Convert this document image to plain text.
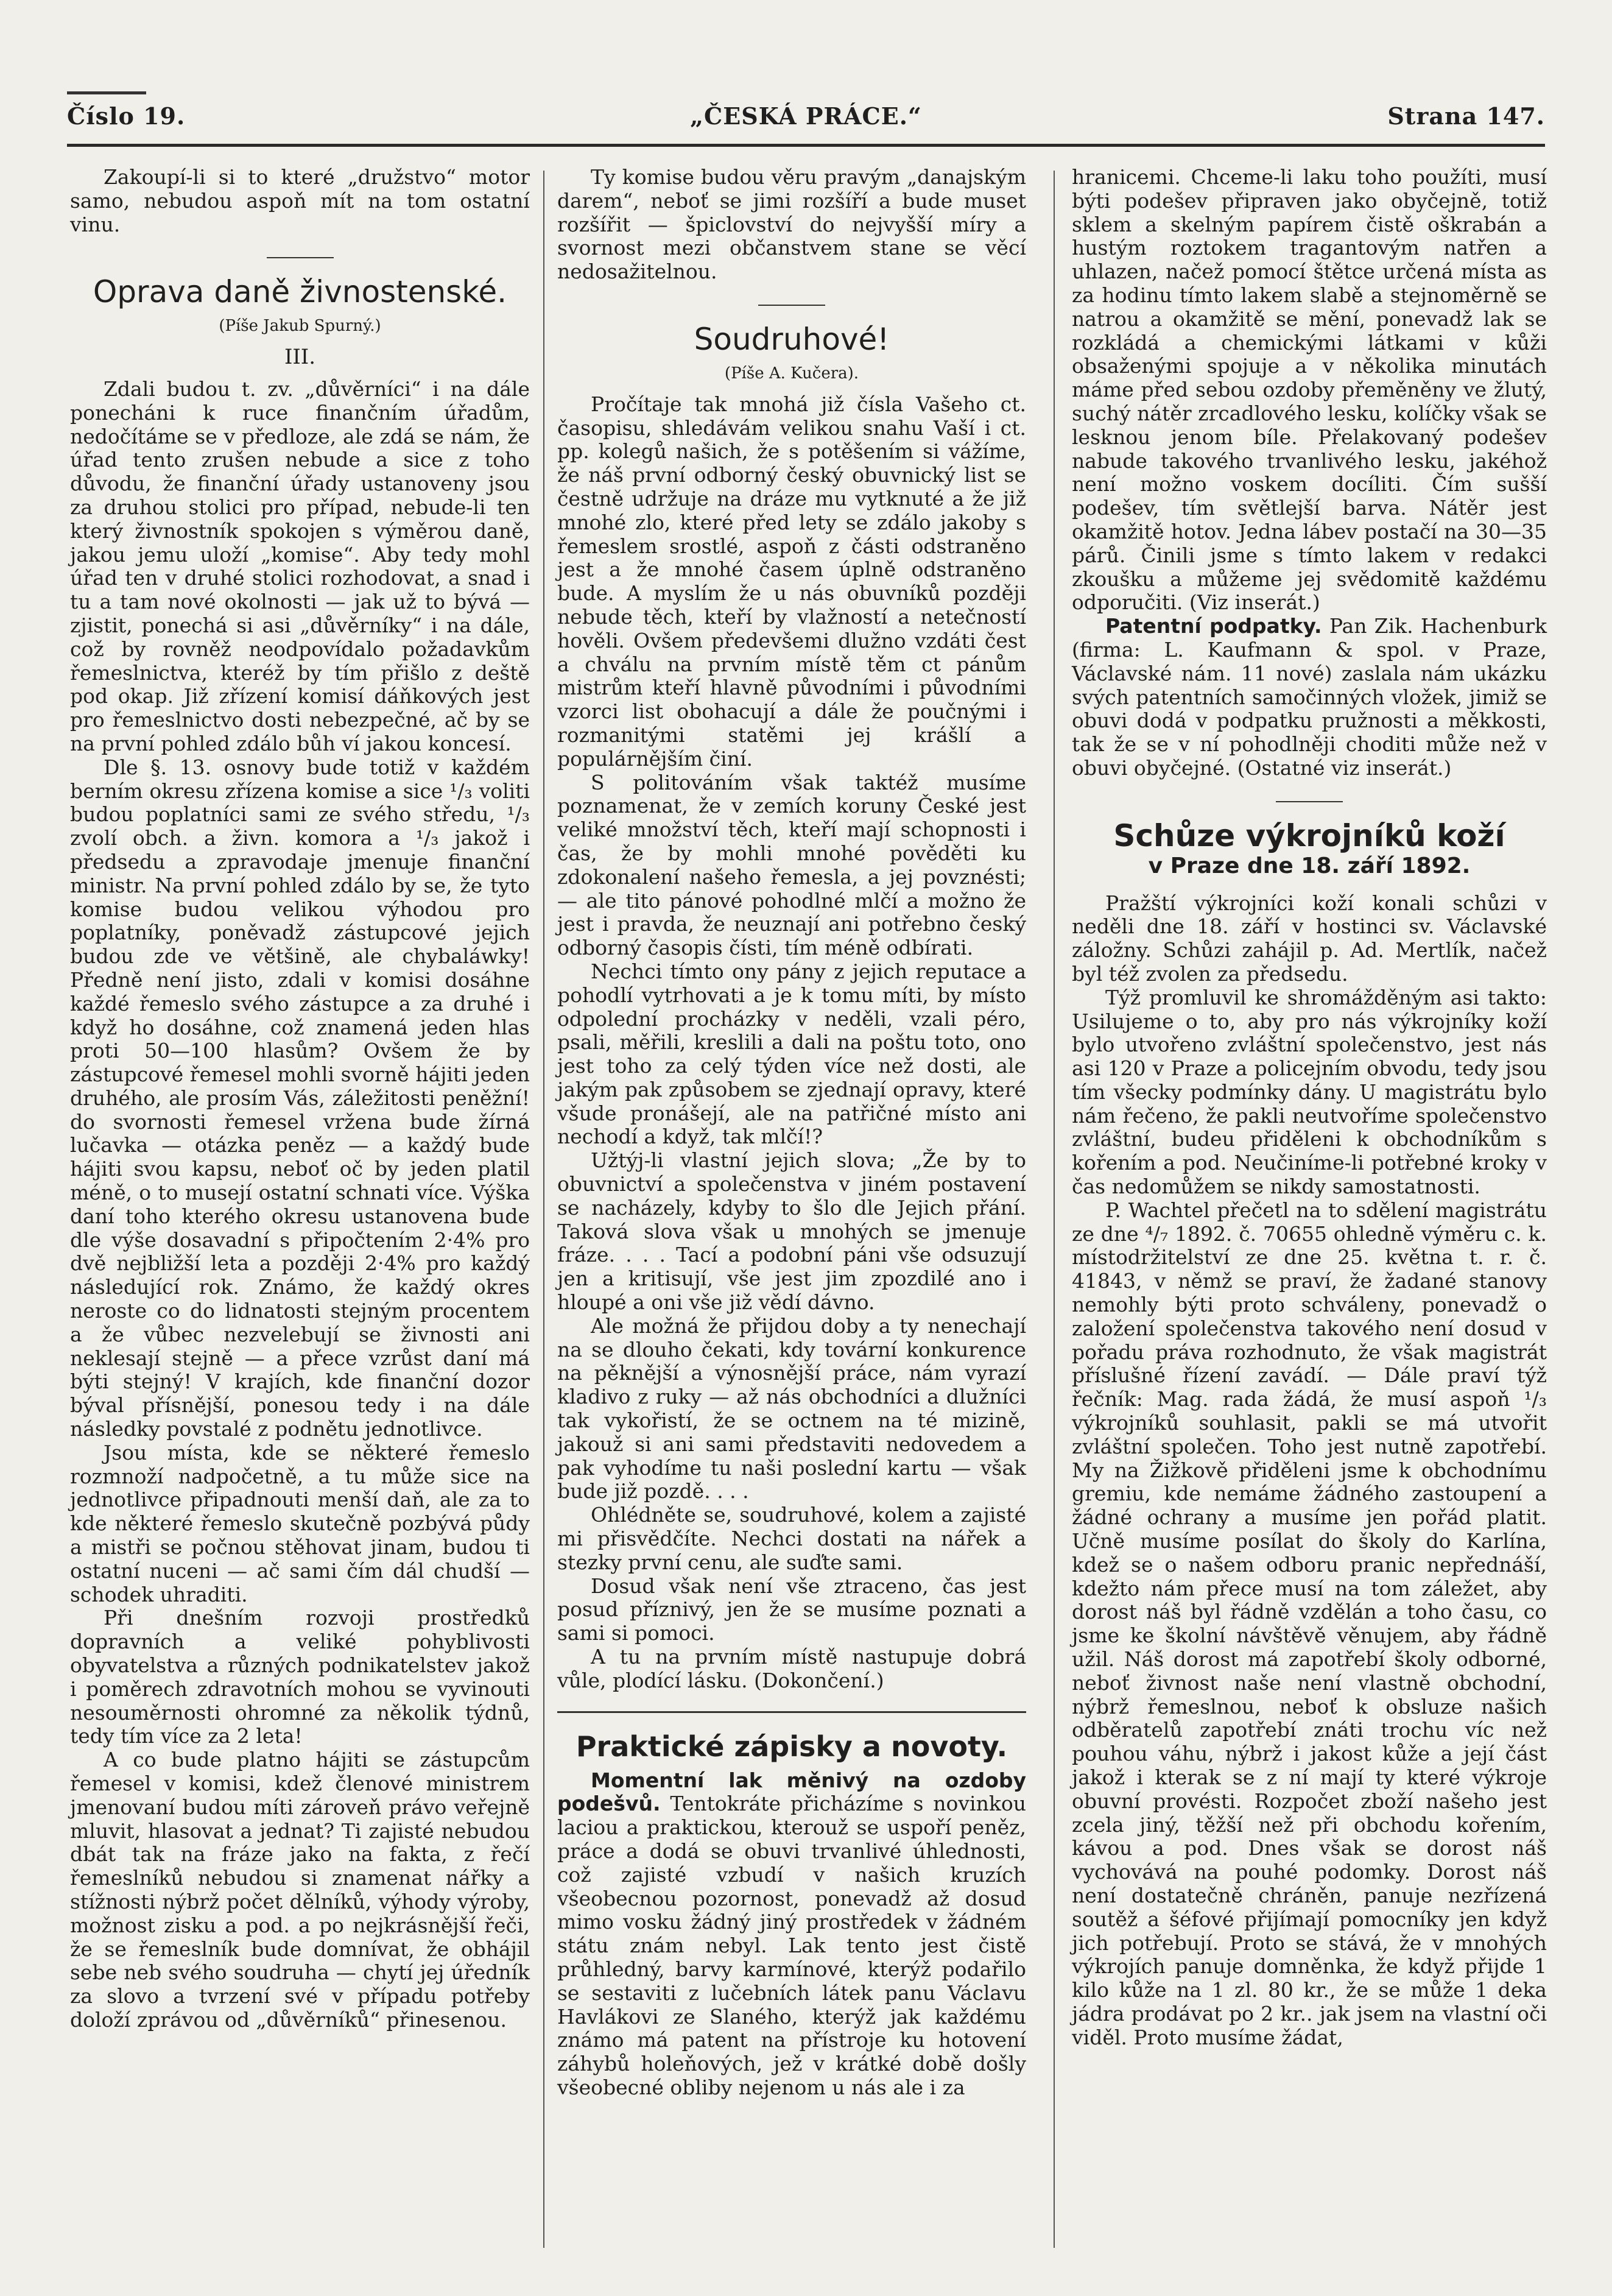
Číslo 19.	„ČESKÁ PRÁCE.“	Strana 147.

Zakoupí-li si to které „družstvo“ motor samo, nebudou aspoň mít na tom ostatní vinu.

Oprava daně živnostenské.
(Píše Jakub Spurný.)
III.

Zdali budou t. zv. „důvěrníci“ i na dále ponecháni k ruce finančním úřadům, nedočítáme se v předloze, ale zdá se nám, že úřad tento zrušen nebude a sice z toho důvodu, že finanční úřady ustanoveny jsou za druhou stolici pro případ, nebude-li ten který živnostník spokojen s výměrou daně, jakou jemu uloží „komise“. Aby tedy mohl úřad ten v druhé stolici rozhodovat, a snad i tu a tam nové okolnosti — jak už to bývá — zjistit, ponechá si asi „důvěrníky“ i na dále, což by rovněž neodpovídalo požadavkům řemeslnictva, kteréž by tím přišlo z deště pod okap. Již zřízení komisí dáňkových jest pro řemeslnictvo dosti nebezpečné, ač by se na první pohled zdálo bůh ví jakou koncesí.

Dle §. 13. osnovy bude totiž v každém berním okresu zřízena komise a sice ¹/₃ voliti budou poplatníci sami ze svého středu, ¹/₃ zvolí obch. a živn. komora a ¹/₃ jakož i předsedu a zpravodaje jmenuje finanční ministr. Na první pohled zdálo by se, že tyto komise budou velikou výhodou pro poplatníky, poněvadž zástupcové jejich budou zde ve většině, ale chybaláwky! Předně není jisto, zdali v komisi dosáhne každé řemeslo svého zástupce a za druhé i když ho dosáhne, což znamená jeden hlas proti 50—100 hlasům? Ovšem že by zástupcové řemesel mohli svorně hájiti jeden druhého, ale prosím Vás, záležitosti peněžní! do svornosti řemesel vržena bude žírná lučavka — otázka peněz — a každý bude hájiti svou kapsu, neboť oč by jeden platil méně, o to musejí ostatní schnati více. Výška daní toho kterého okresu ustanovena bude dle výše dosavadní s připočtením 2·4% pro dvě nejbližší leta a později 2·4% pro každý následující rok. Známo, že každý okres neroste co do lidnatosti stejným procentem a že vůbec nezvelebují se živnosti ani neklesají stejně — a přece vzrůst daní má býti stejný! V krajích, kde finanční dozor býval přísnější, ponesou tedy i na dále následky povstalé z podnětu jednotlivce.

Jsou místa, kde se některé řemeslo rozmnoží nadpočetně, a tu může sice na jednotlivce připadnouti menší daň, ale za to kde některé řemeslo skutečně pozbývá půdy a mistři se počnou stěhovat jinam, budou ti ostatní nuceni — ač sami čím dál chudší — schodek uhraditi.

Při dnešním rozvoji prostředků dopravních a veliké pohyblivosti obyvatelstva a různých podnikatelstev jakož i poměrech zdravotních mohou se vyvinouti nesouměrnosti ohromné za několik týdnů, tedy tím více za 2 leta!

A co bude platno hájiti se zástupcům řemesel v komisi, kdež členové ministrem jmenovaní budou míti zároveň právo veřejně mluvit, hlasovat a jednat? Ti zajisté nebudou dbát tak na fráze jako na fakta, z řečí řemeslníků nebudou si znamenat nářky a stížnosti nýbrž počet dělníků, výhody výroby, možnost zisku a pod. a po nejkrásnější řeči, že se řemeslník bude domnívat, že obhájil sebe neb svého soudruha — chytí jej úředník za slovo a tvrzení své v případu potřeby doloží zprávou od „důvěrníků“ přinesenou.

Ty komise budou věru pravým „danajským darem“, neboť se jimi rozšíří a bude muset rozšířit — špiclovství do nejvyšší míry a svornost mezi občanstvem stane se věcí nedosažitelnou.

Soudruhové!
(Píše A. Kučera).

Pročítaje tak mnohá již čísla Vašeho ct. časopisu, shledávám velikou snahu Vaší i ct. pp. kolegů našich, že s potěšením si vážíme, že náš první odborný český obuvnický list se čestně udržuje na dráze mu vytknuté a že již mnohé zlo, které před lety se zdálo jakoby s řemeslem srostlé, aspoň z části odstraněno jest a že mnohé časem úplně odstraněno bude. A myslím že u nás obuvníků později nebude těch, kteří by vlažností a netečností hověli. Ovšem předevšemi dlužno vzdáti čest a chválu na prvním místě těm ct pánům mistrům kteří hlavně původními i původními vzorci list obohacují a dále že poučnými i rozmanitými statěmi jej krášlí a populárnějším činí.

S politováním však taktéž musíme poznamenat, že v zemích koruny České jest veliké množství těch, kteří mají schopnosti i čas, že by mohli mnohé pověděti ku zdokonalení našeho řemesla, a jej povznésti; — ale tito pánové pohodlné mlčí a možno že jest i pravda, že neuznají ani potřebno český odborný časopis čísti, tím méně odbírati.

Nechci tímto ony pány z jejich reputace a pohodlí vytrhovati a je k tomu míti, by místo odpolední procházky v neděli, vzali péro, psali, měřili, kreslili a dali na poštu toto, ono jest toho za celý týden více než dosti, ale jakým pak způsobem se zjednají opravy, které všude pronášejí, ale na patřičné místo ani nechodí a když, tak mlčí!?

Užtýj-li vlastní jejich slova; „Že by to obuvnictví a společenstva v jiném postavení se nacházely, kdyby to šlo dle Jejich přání. Taková slova však u mnohých se jmenuje fráze. . . . Tací a podobní páni vše odsuzují jen a kritisují, vše jest jim zpozdilé ano i hloupé a oni vše již vědí dávno.

Ale možná že přijdou doby a ty nenechají na se dlouho čekati, kdy tovární konkurence na pěknější a výnosnější práce, nám vyrazí kladivo z ruky — až nás obchodníci a dlužníci tak vykořistí, že se octnem na té mizině, jakouž si ani sami představiti nedovedem a pak vyhodíme tu naši poslední kartu — však bude již pozdě. . . .

Ohlédněte se, soudruhové, kolem a zajisté mi přisvědčíte. Nechci dostati na nářek a stezky první cenu, ale suďte sami.

Dosud však není vše ztraceno, čas jest posud příznivý, jen že se musíme poznati a sami si pomoci.

A tu na prvním místě nastupuje dobrá vůle, plodící lásku. (Dokončení.)

Praktické zápisky a novoty.

Momentní lak měnivý na ozdoby podešvů. Tentokráte přicházíme s novinkou laciou a praktickou, kterouž se uspoří peněz, práce a dodá se obuvi trvanlivé úhlednosti, což zajisté vzbudí v našich kruzích všeobecnou pozornost, ponevadž až dosud mimo vosku žádný jiný prostředek v žádném státu znám nebyl. Lak tento jest čistě průhledný, barvy karmínové, kterýž podařilo se sestaviti z lučebních látek panu Václavu Havlákovi ze Slaného, kterýž jak každému známo má patent na přístroje ku hotovení záhybů holeňových, jež v krátké době došly všeobecné obliby nejenom u nás ale i za

hranicemi. Chceme-li laku toho použíti, musí býti podešev připraven jako obyčejně, totiž sklem a skelným papírem čistě oškrabán a hustým roztokem tragantovým natřen a uhlazen, načež pomocí štětce určená místa as za hodinu tímto lakem slabě a stejnoměrně se natrou a okamžitě se mění, ponevadž lak se rozkládá a chemickými látkami v kůži obsaženými spojuje a v několika minutách máme před sebou ozdoby přeměněny ve žlutý, suchý nátěr zrcadlového lesku, kolíčky však se lesknou jenom bíle. Přelakovaný podešev nabude takového trvanlivého lesku, jakéhož není možno voskem docíliti. Čím sušší podešev, tím světlejší barva. Nátěr jest okamžitě hotov. Jedna lábev postačí na 30—35 párů. Činili jsme s tímto lakem v redakci zkoušku a můžeme jej svědomitě každému odporučiti. (Viz inserát.)

Patentní podpatky. Pan Zik. Hachenburk (firma: L. Kaufmann & spol. v Praze, Václavské nám. 11 nové) zaslala nám ukázku svých patentních samočinných vložek, jimiž se obuvi dodá v podpatku pružnosti a měkkosti, tak že se v ní pohodlněji choditi může než v obuvi obyčejné. (Ostatné viz inserát.)

Schůze výkrojníků koží
v Praze dne 18. září 1892.

Pražští výkrojníci koží konali schůzi v neděli dne 18. září v hostinci sv. Václavské záložny. Schůzi zahájil p. Ad. Mertlík, načež byl též zvolen za předsedu.

Týž promluvil ke shromážděným asi takto: Usilujeme o to, aby pro nás výkrojníky koží bylo utvořeno zvláštní společenstvo, jest nás asi 120 v Praze a policejním obvodu, tedy jsou tím všecky podmínky dány. U magistrátu bylo nám řečeno, že pakli neutvoříme společenstvo zvláštní, budeu přiděleni k obchodníkům s kořením a pod. Neučiníme-li potřebné kroky v čas nedomůžem se nikdy samostatnosti.

P. Wachtel přečetl na to sdělení magistrátu ze dne ⁴/₇ 1892. č. 70655 ohledně výměru c. k. místodržitelství ze dne 25. května t. r. č. 41843, v němž se praví, že žadané stanovy nemohly býti proto schváleny, ponevadž o založení společenstva takového není dosud v pořadu práva rozhodnuto, že však magistrát příslušné řízení zavádí. — Dále praví týž řečník: Mag. rada žádá, že musí aspoň ¹/₃ výkrojníků souhlasit, pakli se má utvořit zvláštní společen. Toho jest nutně zapotřebí. My na Žižkově přiděleni jsme k obchodnímu gremiu, kde nemáme žádného zastoupení a žádné ochrany a musíme jen pořád platit. Učně musíme posílat do školy do Karlína, kdež se o našem odboru pranic nepřednáší, kdežto nám přece musí na tom záležet, aby dorost náš byl řádně vzdělán a toho času, co jsme ke školní návštěvě věnujem, aby řádně užil. Náš dorost má zapotřebí školy odborné, neboť živnost naše není vlastně obchodní, nýbrž řemeslnou, neboť k obsluze našich odběratelů zapotřebí znáti trochu víc než pouhou váhu, nýbrž i jakost kůže a její část jakož i kterak se z ní mají ty které výkroje obuvní provésti. Rozpočet zboží našeho jest zcela jiný, těžší než při obchodu kořením, kávou a pod. Dnes však se dorost náš vychovává na pouhé podomky. Dorost náš není dostatečně chráněn, panuje nezřízená soutěž a šéfové přijímají pomocníky jen když jich potřebují. Proto se stává, že v mnohých výkrojích panuje domněnka, že když přijde 1 kilo kůže na 1 zl. 80 kr., že se může 1 deka jádra prodávat po 2 kr.. jak jsem na vlastní oči viděl. Proto musíme žádat,
